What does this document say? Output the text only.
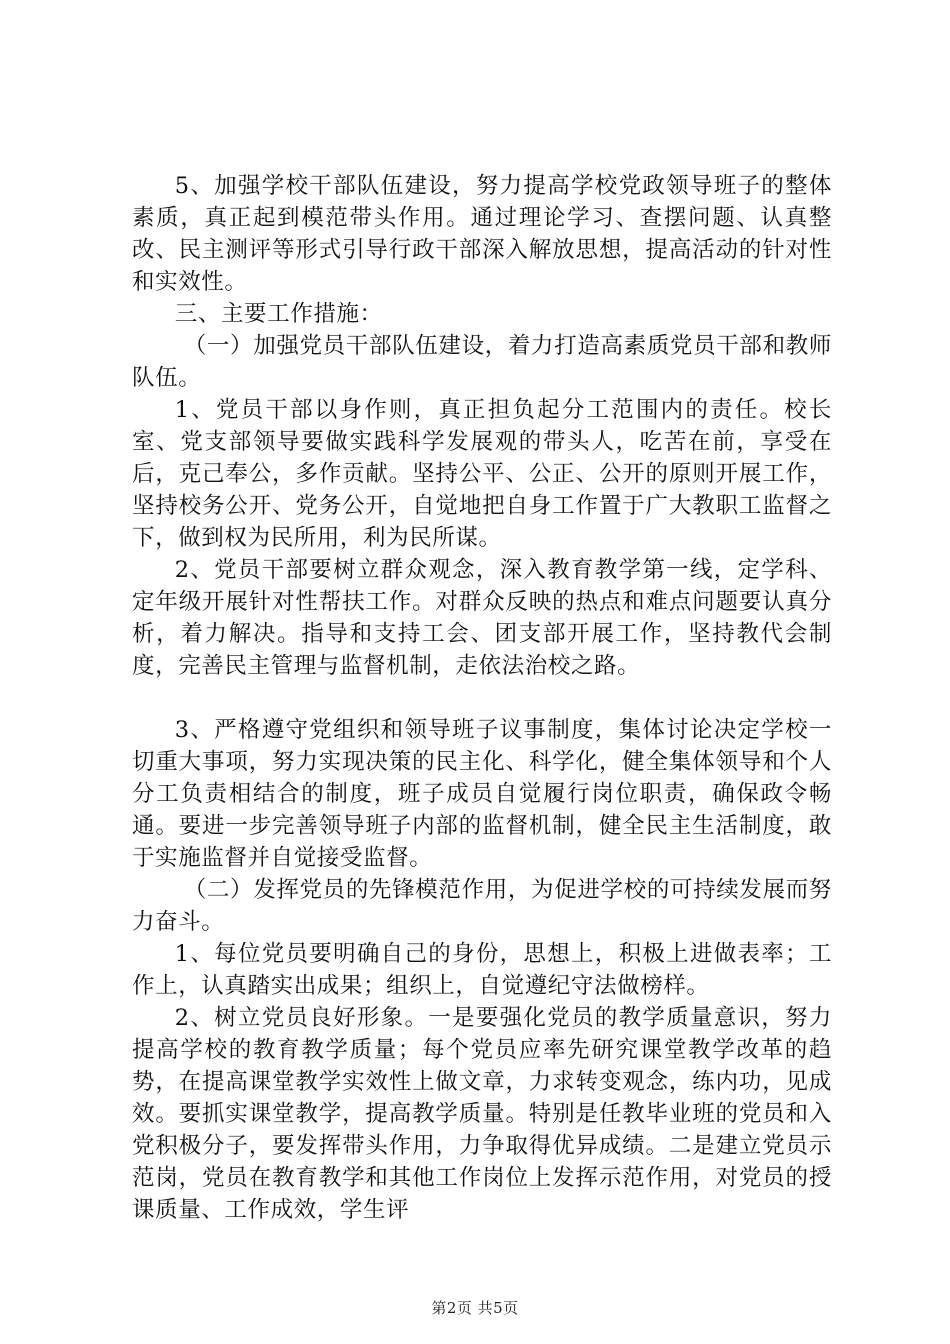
5、加强学校干部队伍建设，努力提高学校党政领导班子的整体素质，真正起到模范带头作用。通过理论学习、查摆问题、认真整改、民主测评等形式引导行政干部深入解放思想，提高活动的针对性和实效性。

三、主要工作措施：

（一）加强党员干部队伍建设，着力打造高素质党员干部和教师队伍。

1、党员干部以身作则，真正担负起分工范围内的责任。校长室、党支部领导要做实践科学发展观的带头人，吃苦在前，享受在后，克己奉公，多作贡献。坚持公平、公正、公开的原则开展工作，坚持校务公开、党务公开，自觉地把自身工作置于广大教职工监督之下，做到权为民所用，利为民所谋。

2、党员干部要树立群众观念，深入教育教学第一线，定学科、定年级开展针对性帮扶工作。对群众反映的热点和难点问题要认真分析，着力解决。指导和支持工会、团支部开展工作，坚持教代会制度，完善民主管理与监督机制，走依法治校之路。

3、严格遵守党组织和领导班子议事制度，集体讨论决定学校一切重大事项，努力实现决策的民主化、科学化，健全集体领导和个人分工负责相结合的制度，班子成员自觉履行岗位职责，确保政令畅通。要进一步完善领导班子内部的监督机制，健全民主生活制度，敢于实施监督并自觉接受监督。

（二）发挥党员的先锋模范作用，为促进学校的可持续发展而努力奋斗。

1、每位党员要明确自己的身份，思想上，积极上进做表率；工作上，认真踏实出成果；组织上，自觉遵纪守法做榜样。

2、树立党员良好形象。一是要强化党员的教学质量意识，努力提高学校的教育教学质量；每个党员应率先研究课堂教学改革的趋势，在提高课堂教学实效性上做文章，力求转变观念，练内功，见成效。要抓实课堂教学，提高教学质量。特别是任教毕业班的党员和入党积极分子，要发挥带头作用，力争取得优异成绩。二是建立党员示范岗，党员在教育教学和其他工作岗位上发挥示范作用，对党员的授课质量、工作成效，学生评

第2页 共5页
